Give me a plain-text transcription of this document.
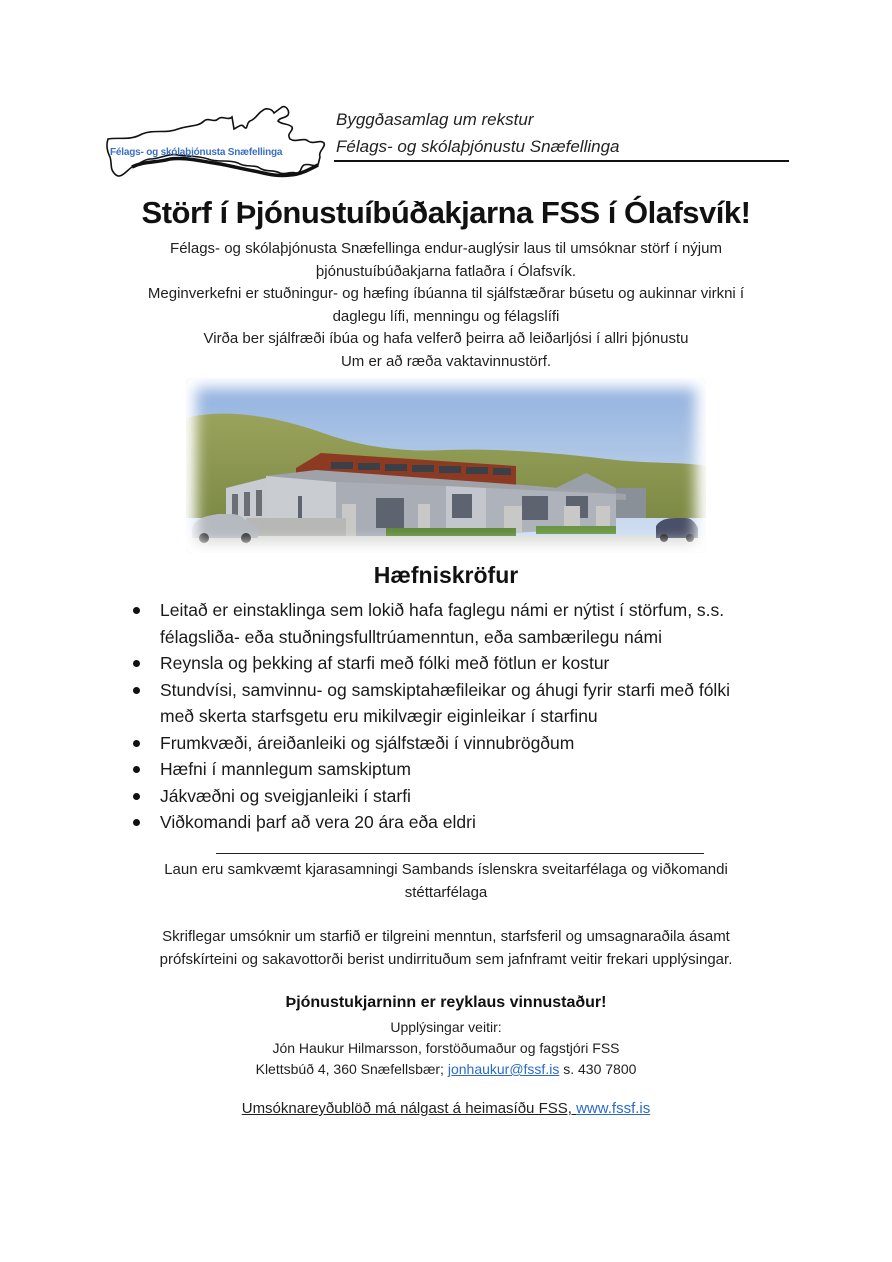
Félags- og skólaþjónusta Snæfellinga
Byggðasamlag um rekstur
Félags- og skólaþjónustu Snæfellinga
Störf í Þjónustuíbúðakjarna FSS í Ólafsvík!
Félags- og skólaþjónusta Snæfellinga endur-auglýsir laus til umsóknar störf í nýjum
þjónustuíbúðakjarna fatlaðra í Ólafsvík.
Meginverkefni er stuðningur- og hæfing íbúanna til sjálfstæðrar búsetu og aukinnar virkni í
daglegu lífi, menningu og félagslífi
Virða ber sjálfræði íbúa og hafa velferð þeirra að leiðarljósi í allri þjónustu
Um er að ræða vaktavinnustörf.
Hæfniskröfur
Leitað er einstaklinga sem lokið hafa faglegu námi er nýtist í störfum, s.s. félagsliða- eða stuðningsfulltrúamenntun, eða sambærilegu námi
Reynsla og þekking af starfi með fólki með fötlun er kostur
Stundvísi, samvinnu- og samskiptahæfileikar og áhugi fyrir starfi með fólki með skerta starfsgetu eru mikilvægir eiginleikar í starfinu
Frumkvæði, áreiðanleiki og sjálfstæði í vinnubrögðum
Hæfni í mannlegum samskiptum
Jákvæðni og sveigjanleiki í starfi
Viðkomandi þarf að vera 20 ára eða eldri
Laun eru samkvæmt kjarasamningi Sambands íslenskra sveitarfélaga og viðkomandi
stéttarfélaga
Skriflegar umsóknir um starfið er tilgreini menntun, starfsferil og umsagnaraðila ásamt
prófskírteini og sakavottorði berist undirrituðum sem jafnframt veitir frekari upplýsingar.
Þjónustukjarninn er reyklaus vinnustaður!
Upplýsingar veitir:
Jón Haukur Hilmarsson, forstöðumaður og fagstjóri FSS
Klettsbúð 4, 360 Snæfellsbær; jonhaukur@fssf.is s. 430 7800
Umsóknareyðublöð má nálgast á heimasíðu FSS, www.fssf.is
